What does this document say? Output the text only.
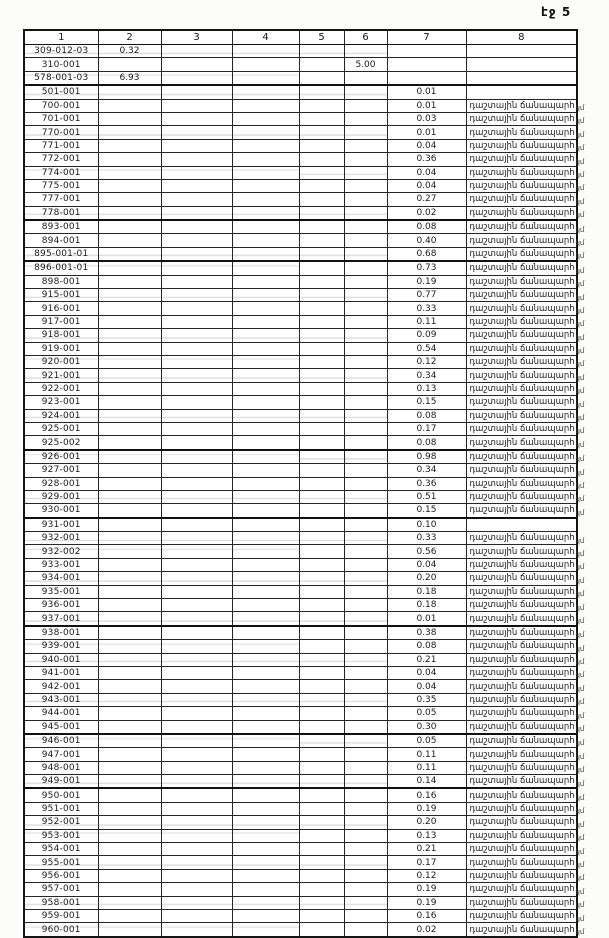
էջ 5
1	2	3	4	5	6	7	8
309-012-03	0.32						
310-001					5.00		
578-001-03	6.93						
501-001						0.01	
700-001						0.01	դաշտային ճանապարհ կմ

701-001						0.03	դաշտային ճանապարհ կմ

770-001						0.01	դաշտային ճանապարհ կմ

771-001						0.04	դաշտային ճանապարհ կմ

772-001						0.36	դաշտային ճանապարհ կմ

774-001						0.04	դաշտային ճանապարհ կմ

775-001						0.04	դաշտային ճանապարհ կմ

777-001						0.27	դաշտային ճանապարհ կմ

778-001						0.02	դաշտային ճանապարհ կմ

893-001						0.08	դաշտային ճանապարհ կմ

894-001						0.40	դաշտային ճանապարհ կմ

895-001-01						0.68	դաշտային ճանապարհ կմ

896-001-01						0.73	դաշտային ճանապարհ կմ

898-001						0.19	դաշտային ճանապարհ կմ

915-001						0.77	դաշտային ճանապարհ կմ

916-001						0.33	դաշտային ճանապարհ կմ

917-001						0.11	դաշտային ճանապարհ կմ

918-001						0.09	դաշտային ճանապարհ կմ

919-001						0.54	դաշտային ճանապարհ կմ

920-001						0.12	դաշտային ճանապարհ կմ

921-001						0.34	դաշտային ճանապարհ կմ

922-001						0.13	դաշտային ճանապարհ կմ

923-001						0.15	դաշտային ճանապարհ կմ

924-001						0.08	դաշտային ճանապարհ կմ

925-001						0.17	դաշտային ճանապարհ կմ

925-002						0.08	դաշտային ճանապարհ կմ

926-001						0.98	դաշտային ճանապարհ կմ

927-001						0.34	դաշտային ճանապարհ կմ

928-001						0.36	դաշտային ճանապարհ կմ

929-001						0.51	դաշտային ճանապարհ կմ

930-001						0.15	դաշտային ճանապարհ կմ

931-001						0.10	
932-001						0.33	դաշտային ճանապարհ կմ

932-002						0.56	դաշտային ճանապարհ կմ

933-001						0.04	դաշտային ճանապարհ կմ

934-001						0.20	դաշտային ճանապարհ կմ

935-001						0.18	դաշտային ճանապարհ կմ

936-001						0.18	դաշտային ճանապարհ կմ

937-001						0.01	դաշտային ճանապարհ կմ

938-001						0.38	դաշտային ճանապարհ կմ

939-001						0.08	դաշտային ճանապարհ կմ

940-001						0.21	դաշտային ճանապարհ կմ

941-001						0.04	դաշտային ճանապարհ կմ

942-001						0.04	դաշտային ճանապարհ կմ

943-001						0.35	դաշտային ճանապարհ կմ

944-001						0.05	դաշտային ճանապարհ կմ

945-001						0.30	դաշտային ճանապարհ կմ

946-001						0.05	դաշտային ճանապարհ կմ

947-001						0.11	դաշտային ճանապարհ կմ

948-001						0.11	դաշտային ճանապարհ կմ

949-001						0.14	դաշտային ճանապարհ կմ

950-001						0.16	դաշտային ճանապարհ կմ

951-001						0.19	դաշտային ճանապարհ կմ

952-001						0.20	դաշտային ճանապարհ կմ

953-001						0.13	դաշտային ճանապարհ կմ

954-001						0.21	դաշտային ճանապարհ կմ

955-001						0.17	դաշտային ճանապարհ կմ

956-001						0.12	դաշտային ճանապարհ կմ

957-001						0.19	դաշտային ճանապարհ կմ

958-001						0.19	դաշտային ճանապարհ կմ

959-001						0.16	դաշտային ճանապարհ կմ

960-001						0.02	դաշտային ճանապարհ կմ
